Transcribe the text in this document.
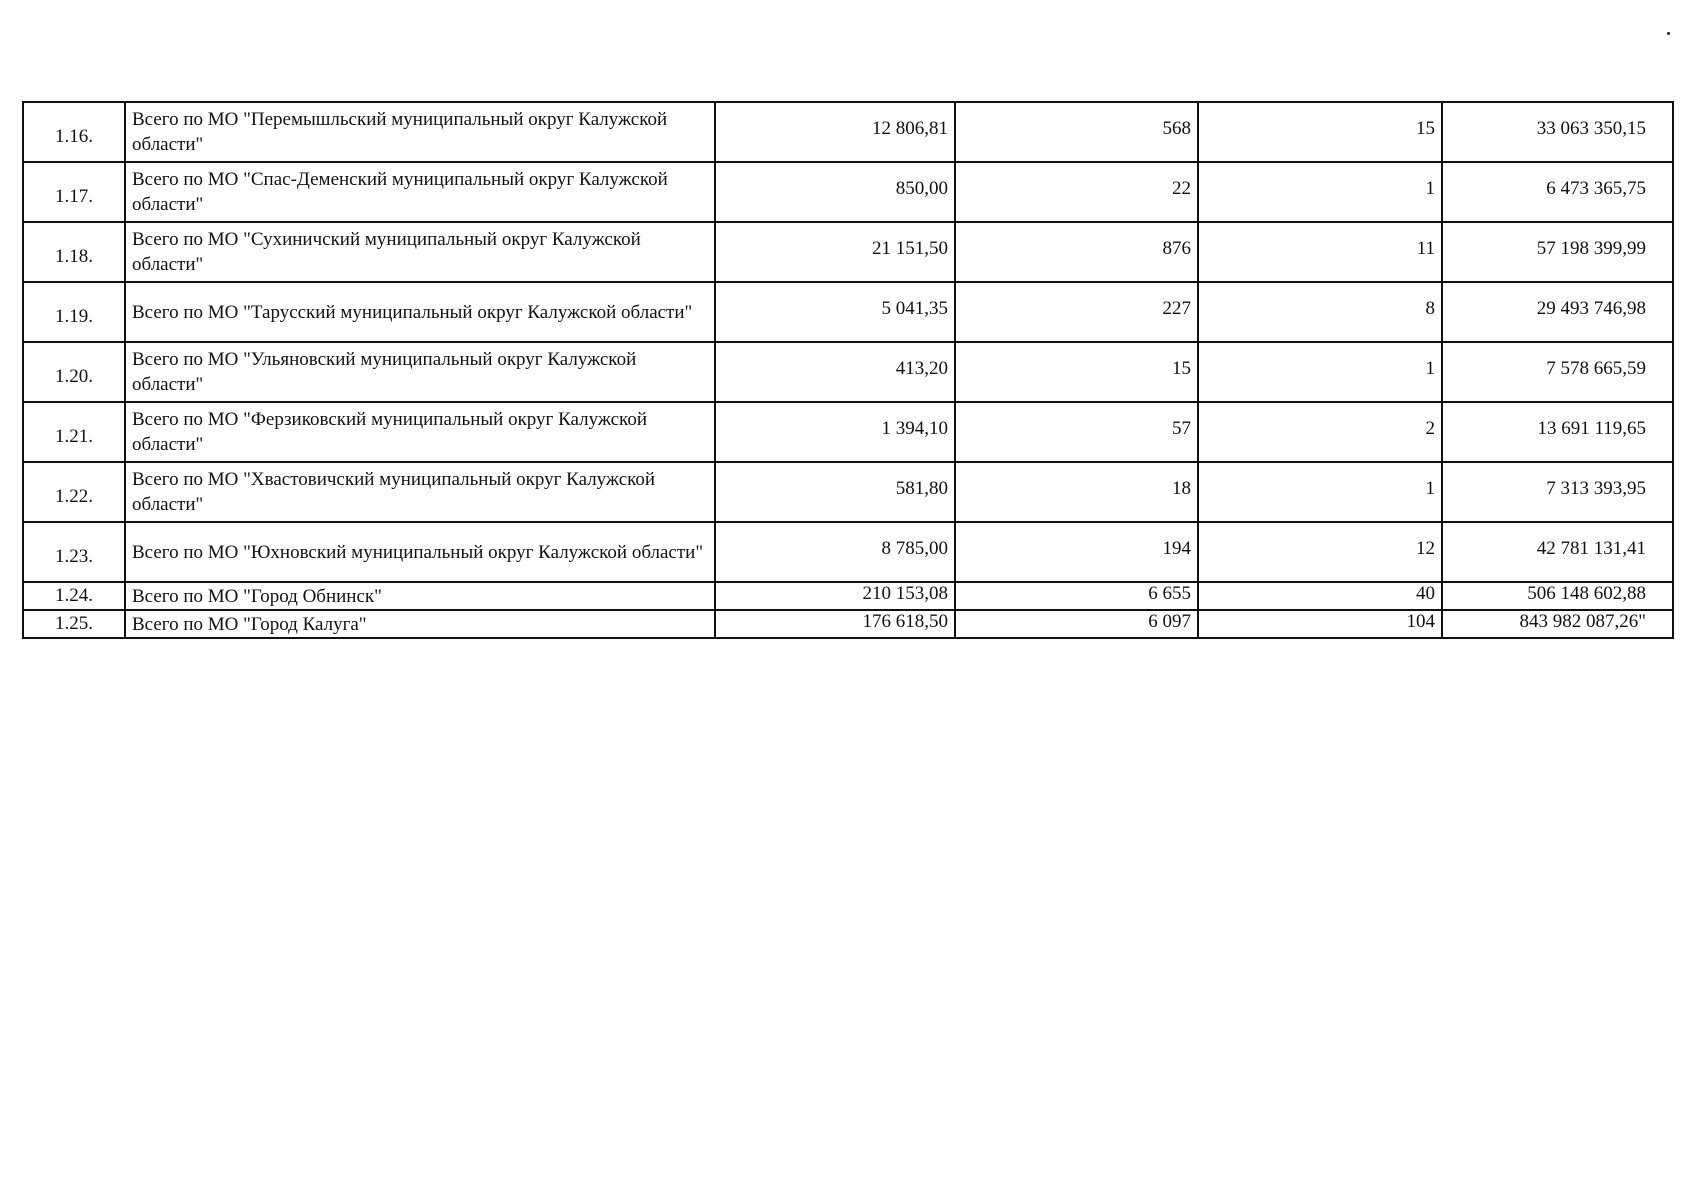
1.16.	Всего по МО "Перемышльский муниципальный округ Калужской области"	12 806,81	568	15	33 063 350,15
1.17.	Всего по МО "Спас-Деменский муниципальный округ Калужской области"	850,00	22	1	6 473 365,75
1.18.	Всего по МО "Сухиничский муниципальный округ Калужской области"	21 151,50	876	11	57 198 399,99
1.19.	Всего по МО "Тарусский муниципальный округ Калужской области"	5 041,35	227	8	29 493 746,98
1.20.	Всего по МО "Ульяновский муниципальный округ Калужской области"	413,20	15	1	7 578 665,59
1.21.	Всего по МО "Ферзиковский муниципальный округ Калужской области"	1 394,10	57	2	13 691 119,65
1.22.	Всего по МО "Хвастовичский муниципальный округ Калужской области"	581,80	18	1	7 313 393,95
1.23.	Всего по МО "Юхновский муниципальный округ Калужской области"	8 785,00	194	12	42 781 131,41
1.24.	Всего по МО "Город Обнинск"	210 153,08	6 655	40	506 148 602,88
1.25.	Всего по МО "Город Калуга"	176 618,50	6 097	104	843 982 087,26"
